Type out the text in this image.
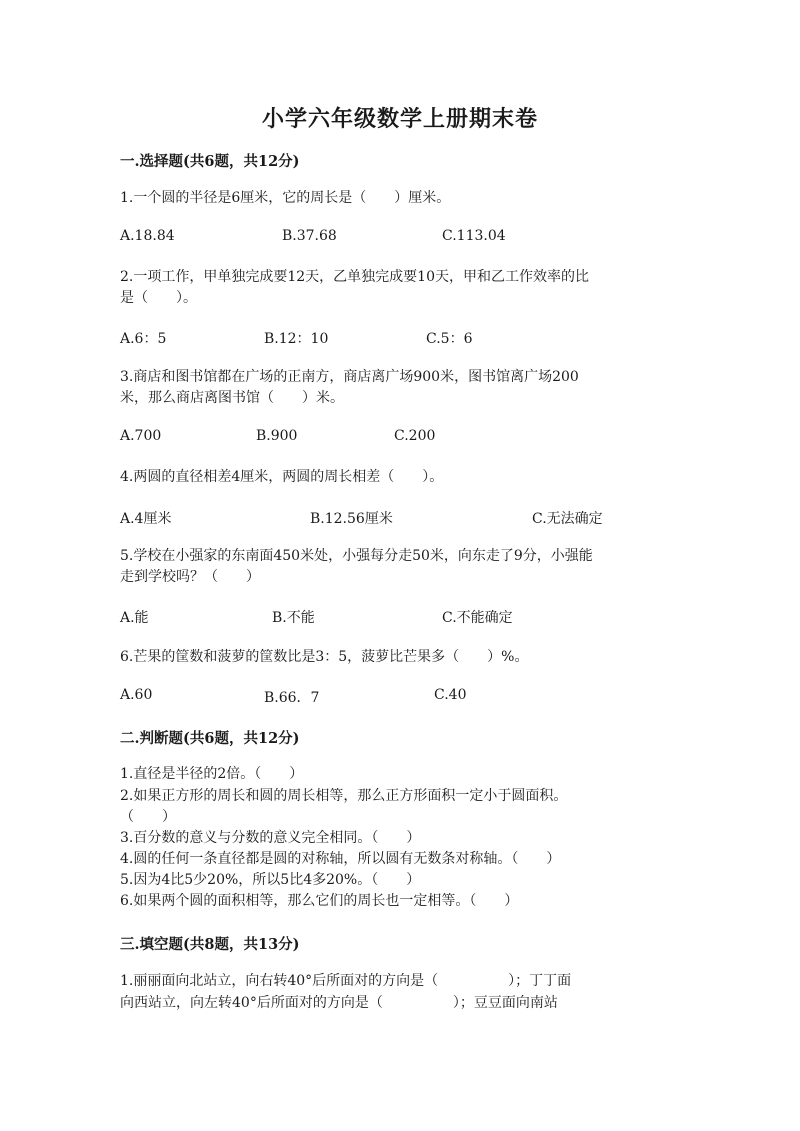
小学六年级数学上册期末卷
一.选择题(共6题，共12分)
1.一个圆的半径是6厘米，它的周长是（　　）厘米。
A.18.84	B.37.68	C.113.04
2.一项工作，甲单独完成要12天，乙单独完成要10天，甲和乙工作效率的比
是（　　）。
A.6：5	B.12：10	C.5：6
3.商店和图书馆都在广场的正南方，商店离广场900米，图书馆离广场200
米，那么商店离图书馆（　　）米。
A.700	B.900	C.200
4.两圆的直径相差4厘米，两圆的周长相差（　　）。
A.4厘米	B.12.56厘米	C.无法确定
5.学校在小强家的东南面450米处，小强每分走50米，向东走了9分，小强能
走到学校吗？（　　）
A.能	B.不能	C.不能确定
6.芒果的筐数和菠萝的筐数比是3：5，菠萝比芒果多（　　）%。
A.60	B.66．7	C.40
二.判断题(共6题，共12分)
1.直径是半径的2倍。（　　）
2.如果正方形的周长和圆的周长相等，那么正方形面积一定小于圆面积。
（　　）
3.百分数的意义与分数的意义完全相同。（　　）
4.圆的任何一条直径都是圆的对称轴，所以圆有无数条对称轴。（　　）
5.因为4比5少20%，所以5比4多20%。（　　）
6.如果两个圆的面积相等，那么它们的周长也一定相等。（　　）
三.填空题(共8题，共13分)
1.丽丽面向北站立，向右转40°后所面对的方向是（　　　　　）；丁丁面
向西站立，向左转40°后所面对的方向是（　　　　　）；豆豆面向南站
